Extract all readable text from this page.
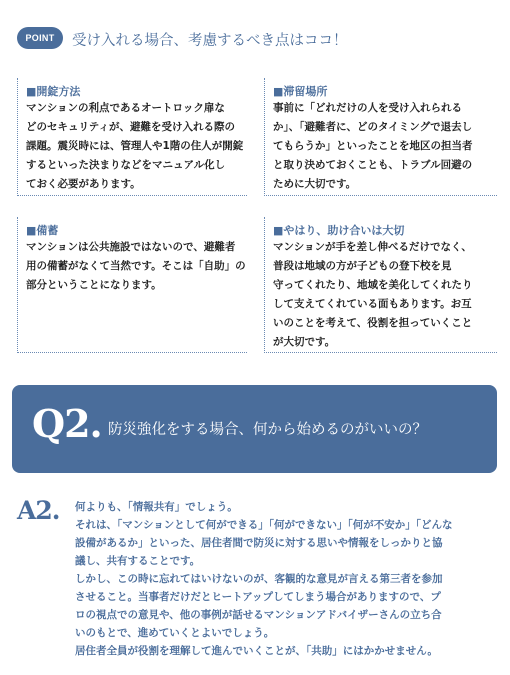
POINT	受け入れる場合、考慮するべき点はココ！
■開錠方法

マンションの利点であるオートロック扉な
どのセキュリティが、避難を受け入れる際の
課題。震災時には、管理人や1階の住人が開錠
するといった決まりなどをマニュアル化し
ておく必要があります。

■滞留場所

事前に「どれだけの人を受け入れられる
か」、「避難者に、どのタイミングで退去し
てもらうか」といったことを地区の担当者
と取り決めておくことも、トラブル回避の
ために大切です。

■備蓄

マンションは公共施設ではないので、避難者
用の備蓄がなくて当然です。そこは「自助」の
部分ということになります。

■やはり、助け合いは大切

マンションが手を差し伸べるだけでなく、
普段は地域の方が子どもの登下校を見
守ってくれたり、地域を美化してくれたり
して支えてくれている面もあります。お互
いのことを考えて、役割を担っていくこと
が大切です。

Q2. 防災強化をする場合、何から始めるのがいいの？
A2. 何よりも、「情報共有」でしょう。
それは、「マンションとして何ができる」「何ができない」「何が不安か」「どんな
設備があるか」といった、居住者間で防災に対する思いや情報をしっかりと協
議し、共有することです。
しかし、この時に忘れてはいけないのが、客観的な意見が言える第三者を参加
させること。当事者だけだとヒートアップしてしまう場合がありますので、プ
ロの視点での意見や、他の事例が話せるマンションアドバイザーさんの立ち合
いのもとで、進めていくとよいでしょう。
居住者全員が役割を理解して進んでいくことが、「共助」にはかかせません。
